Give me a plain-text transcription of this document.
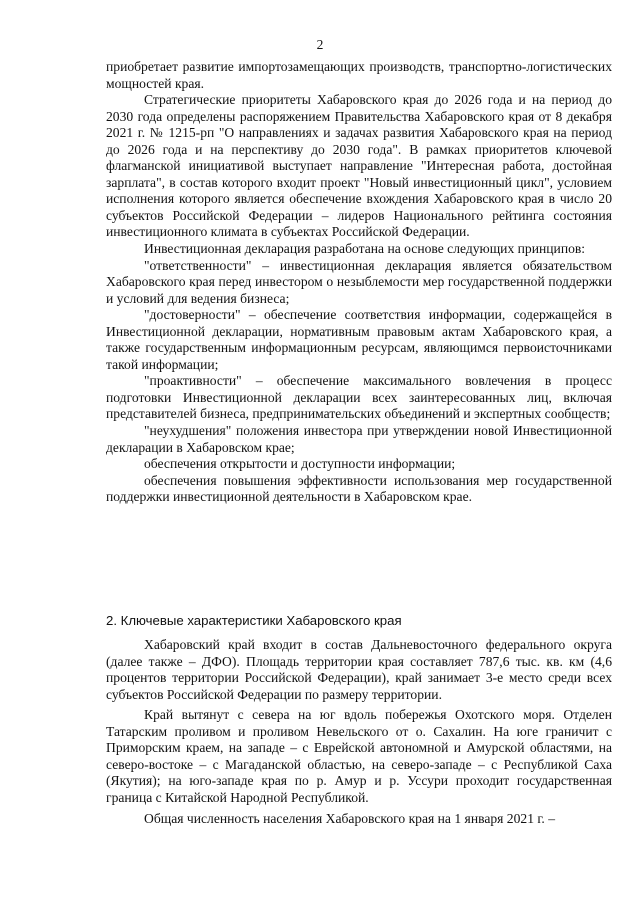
2

приобретает развитие импортозамещающих производств, транспортно-логистических мощностей края.

Стратегические приоритеты Хабаровского края до 2026 года и на период до 2030 года определены распоряжением Правительства Хабаровского края от 8 декабря 2021 г. № 1215-рп "О направлениях и задачах развития Хабаровского края на период до 2026 года и на перспективу до 2030 года". В рамках приоритетов ключевой флагманской инициативой выступает направление "Интересная работа, достойная зарплата", в состав которого входит проект "Новый инвестиционный цикл", условием исполнения которого является обеспечение вхождения Хабаровского края в число 20 субъектов Российской Федерации – лидеров Национального рейтинга состояния инвестиционного климата в субъектах Российской Федерации.

Инвестиционная декларация разработана на основе следующих принципов:

"ответственности" – инвестиционная декларация является обязательством Хабаровского края перед инвестором о незыблемости мер государственной поддержки и условий для ведения бизнеса;

"достоверности" – обеспечение соответствия информации, содержащейся в Инвестиционной декларации, нормативным правовым актам Хабаровского края, а также государственным информационным ресурсам, являющимся первоисточниками такой информации;

"проактивности" – обеспечение максимального вовлечения в процесс подготовки Инвестиционной декларации всех заинтересованных лиц, включая представителей бизнеса, предпринимательских объединений и экспертных сообществ;

"неухудшения" положения инвестора при утверждении новой Инвестиционной декларации в Хабаровском крае;

обеспечения открытости и доступности информации;

обеспечения повышения эффективности использования мер государственной поддержки инвестиционной деятельности в Хабаровском крае.

2. Ключевые характеристики Хабаровского края

Хабаровский край входит в состав Дальневосточного федерального округа (далее также – ДФО). Площадь территории края составляет 787,6 тыс. кв. км (4,6 процентов территории Российской Федерации), край занимает 3-е место среди всех субъектов Российской Федерации по размеру территории.

Край вытянут с севера на юг вдоль побережья Охотского моря. Отделен Татарским проливом и проливом Невельского от о. Сахалин. На юге граничит с Приморским краем, на западе – с Еврейской автономной и Амурской областями, на северо-востоке – с Магаданской областью, на северо-западе – с Республикой Саха (Якутия); на юго-западе края по р. Амур и р. Уссури проходит государственная граница с Китайской Народной Республикой.

Общая численность населения Хабаровского края на 1 января 2021 г. –
